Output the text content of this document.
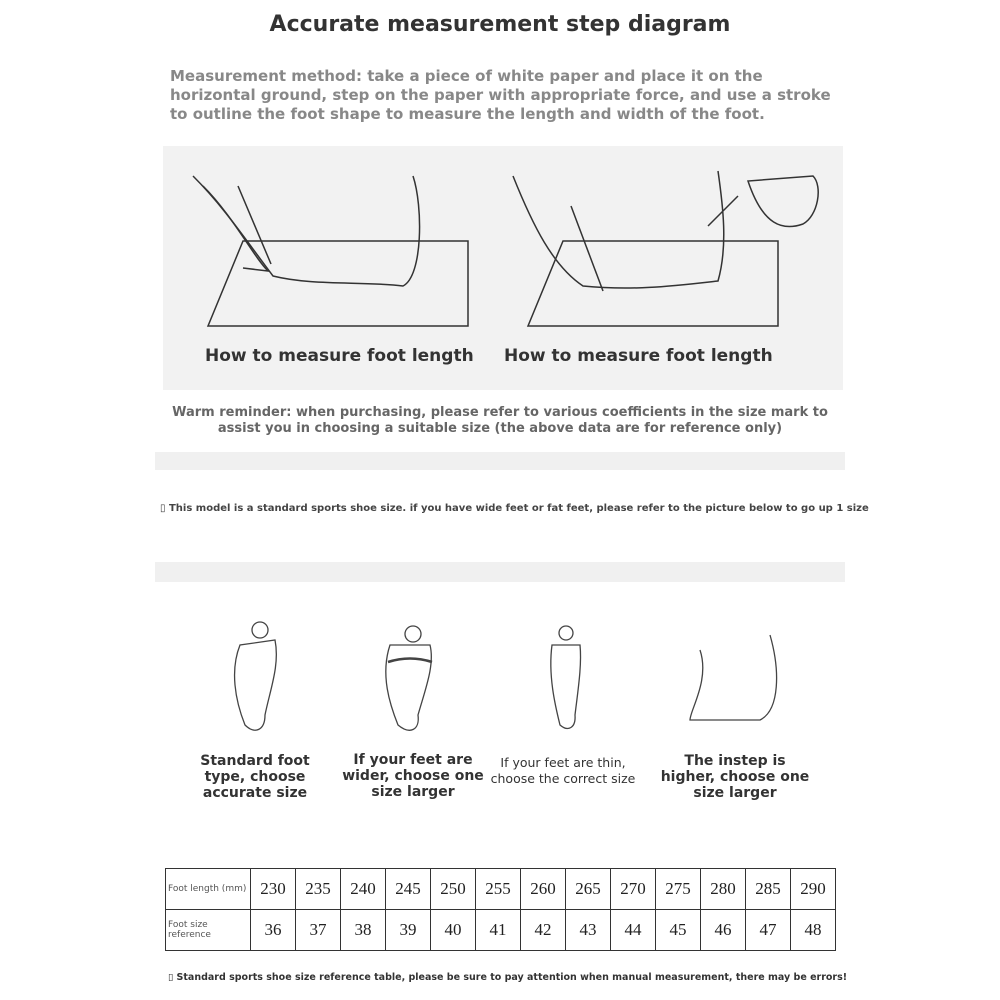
Accurate measurement step diagram
Measurement method: take a piece of white paper and place it on the horizontal ground, step on the paper with appropriate force, and use a stroke to outline the foot shape to measure the length and width of the foot.
How to measure foot length How to measure foot length
Warm reminder: when purchasing, please refer to various coefficients in the size mark to assist you in choosing a suitable size (the above data are for reference only)
▯ This model is a standard sports shoe size. if you have wide feet or fat feet, please refer to the picture below to go up 1 size
Standard foot type, choose accurate size
If your feet are wider, choose one size larger
If your feet are thin, choose the correct size
The instep is higher, choose one size larger
Foot length (mm)	230	235	240	245	250	255	260	265	270	275	280	285	290
Foot size reference	36	37	38	39	40	41	42	43	44	45	46	47	48
▯ Standard sports shoe size reference table, please be sure to pay attention when manual measurement, there may be errors!
